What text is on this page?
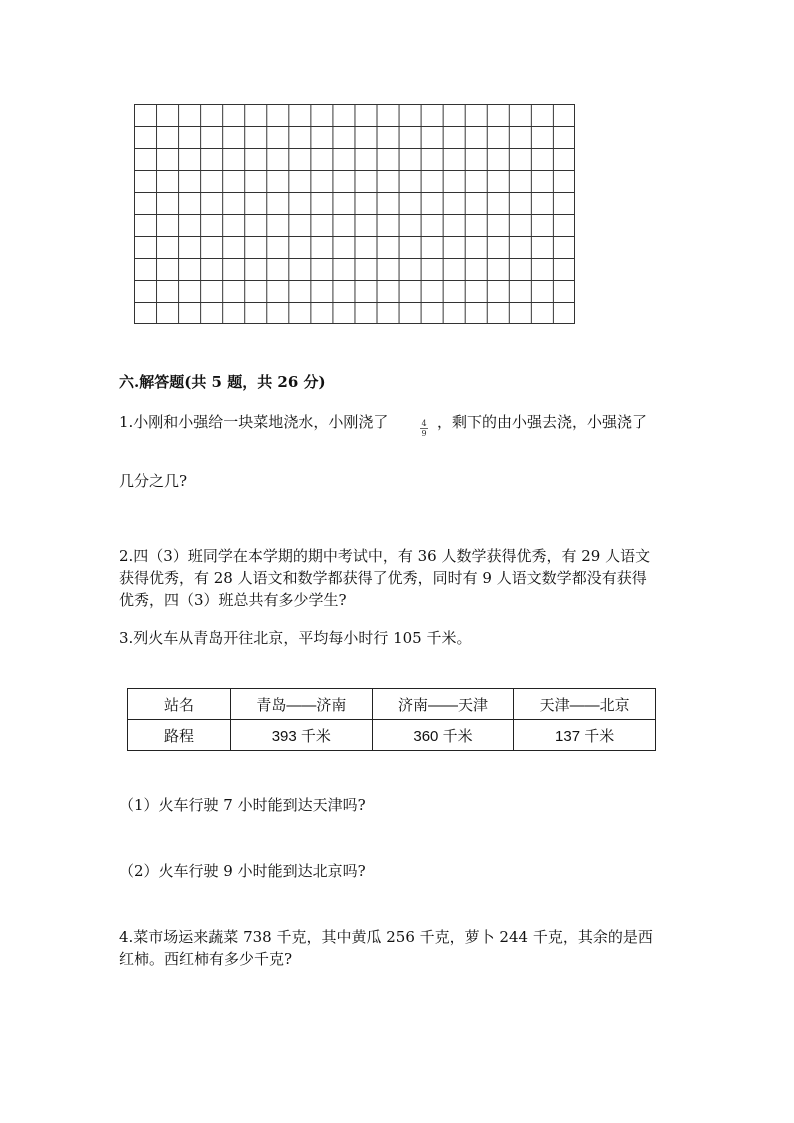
六.解答题(共 5 题，共 26 分)
1.小刚和小强给一块菜地浇水，小刚浇了	4
9
，剩下的由小强去浇，小强浇了
几分之几?
2.四（3）班同学在本学期的期中考试中，有 36 人数学获得优秀，有 29 人语文
获得优秀，有 28 人语文和数学都获得了优秀，同时有 9 人语文数学都没有获得
优秀，四（3）班总共有多少学生?
3.列火车从青岛开往北京，平均每小时行 105 千米。
站名	青岛——济南	济南——天津	天津——北京
路程	393 千米	360 千米	137 千米
（1）火车行驶 7 小时能到达天津吗?
（2）火车行驶 9 小时能到达北京吗?
4.菜市场运来蔬菜 738 千克，其中黄瓜 256 千克，萝卜 244 千克，其余的是西
红柿。西红柿有多少千克?
